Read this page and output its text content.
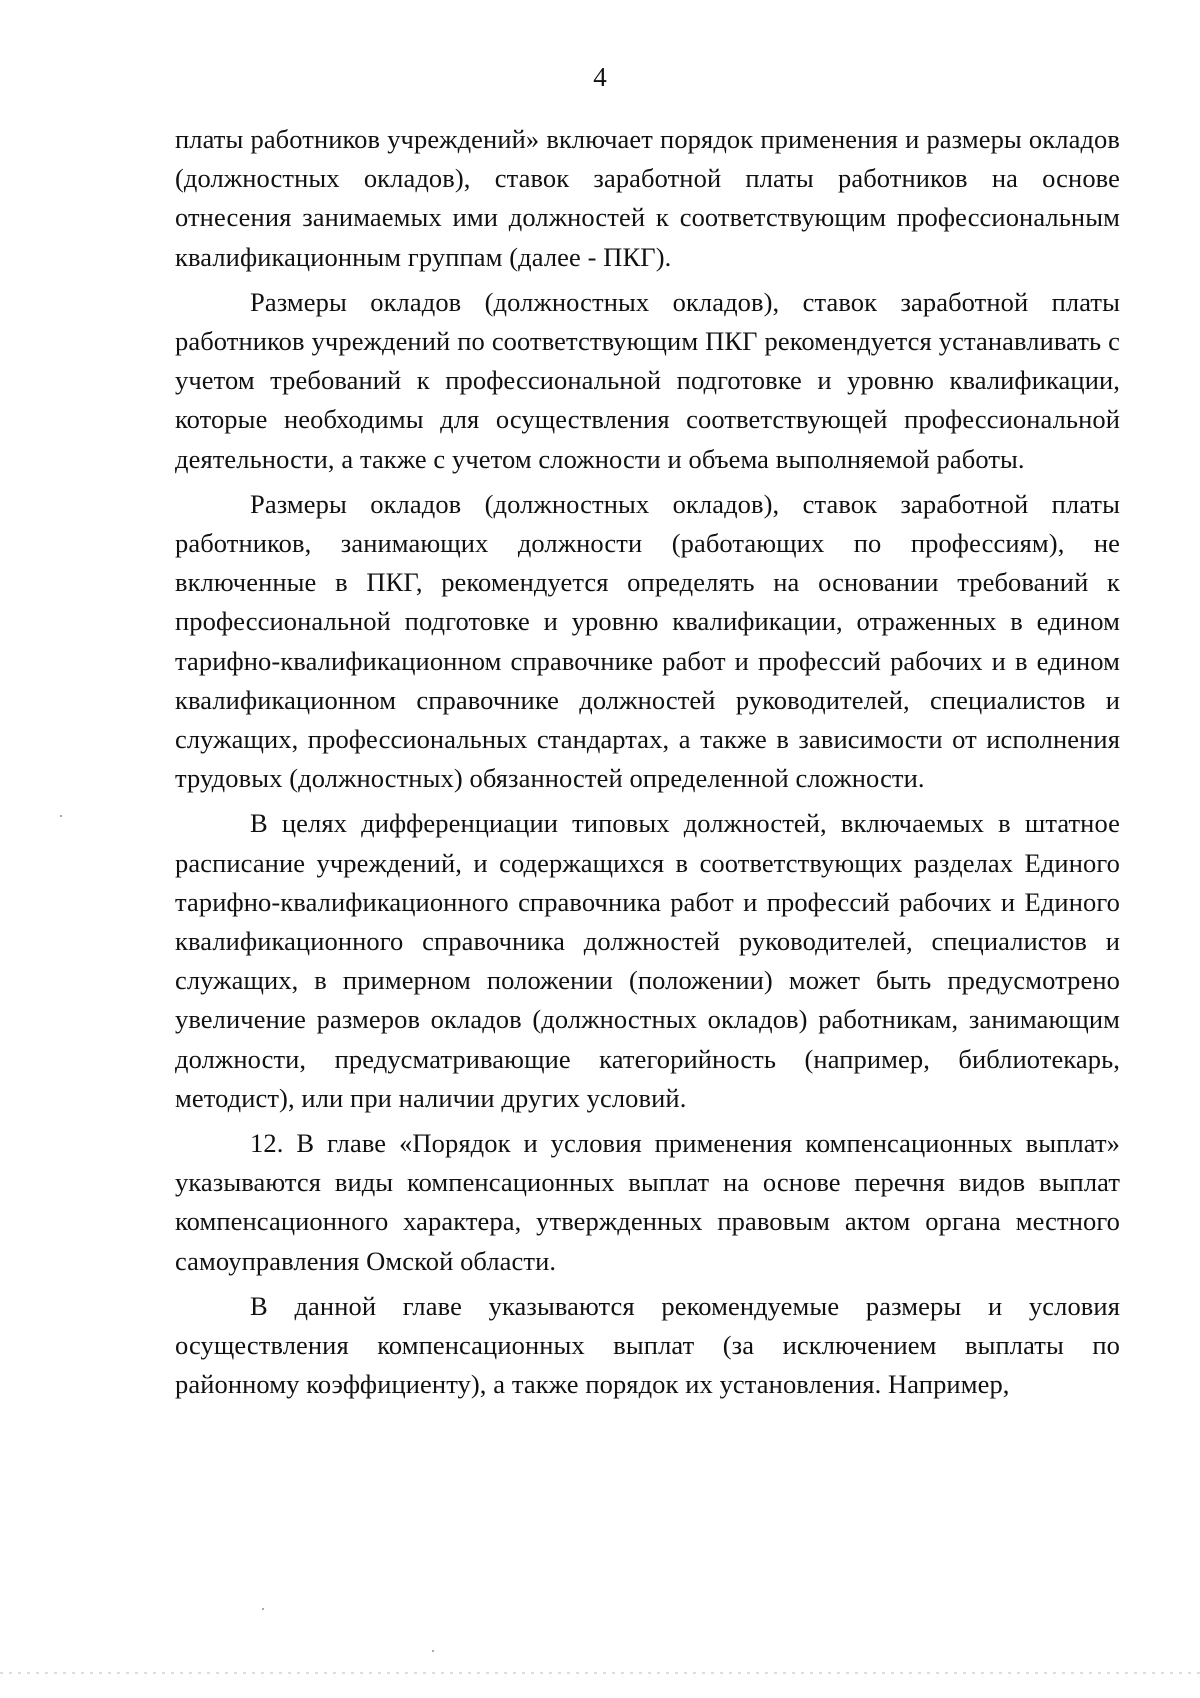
4

платы работников учреждений» включает порядок применения и размеры окладов (должностных окладов), ставок заработной платы работников на основе отнесения занимаемых ими должностей к соответствующим профессиональным квалификационным группам (далее - ПКГ).

Размеры окладов (должностных окладов), ставок заработной платы работников учреждений по соответствующим ПКГ рекомендуется устанавливать с учетом требований к профессиональной подготовке и уровню квалификации, которые необходимы для осуществления соответствующей профессиональной деятельности, а также с учетом сложности и объема выполняемой работы.

Размеры окладов (должностных окладов), ставок заработной платы работников, занимающих должности (работающих по профессиям), не включенные в ПКГ, рекомендуется определять на основании требований к профессиональной подготовке и уровню квалификации, отраженных в едином тарифно-квалификационном справочнике работ и профессий рабочих и в едином квалификационном справочнике должностей руководителей, специалистов и служащих, профессиональных стандартах, а также в зависимости от исполнения трудовых (должностных) обязанностей определенной сложности.

В целях дифференциации типовых должностей, включаемых в штатное расписание учреждений, и содержащихся в соответствующих разделах Единого тарифно-квалификационного справочника работ и профессий рабочих и Единого квалификационного справочника должностей руководителей, специалистов и служащих, в примерном положении (положении) может быть предусмотрено увеличение размеров окладов (должностных окладов) работникам, занимающим должности, предусматривающие категорийность (например, библиотекарь, методист), или при наличии других условий.

12. В главе «Порядок и условия применения компенсационных выплат» указываются виды компенсационных выплат на основе перечня видов выплат компенсационного характера, утвержденных правовым актом органа местного самоуправления Омской области.

В данной главе указываются рекомендуемые размеры и условия осуществления компенсационных выплат (за исключением выплаты по районному коэффициенту), а также порядок их установления. Например,
